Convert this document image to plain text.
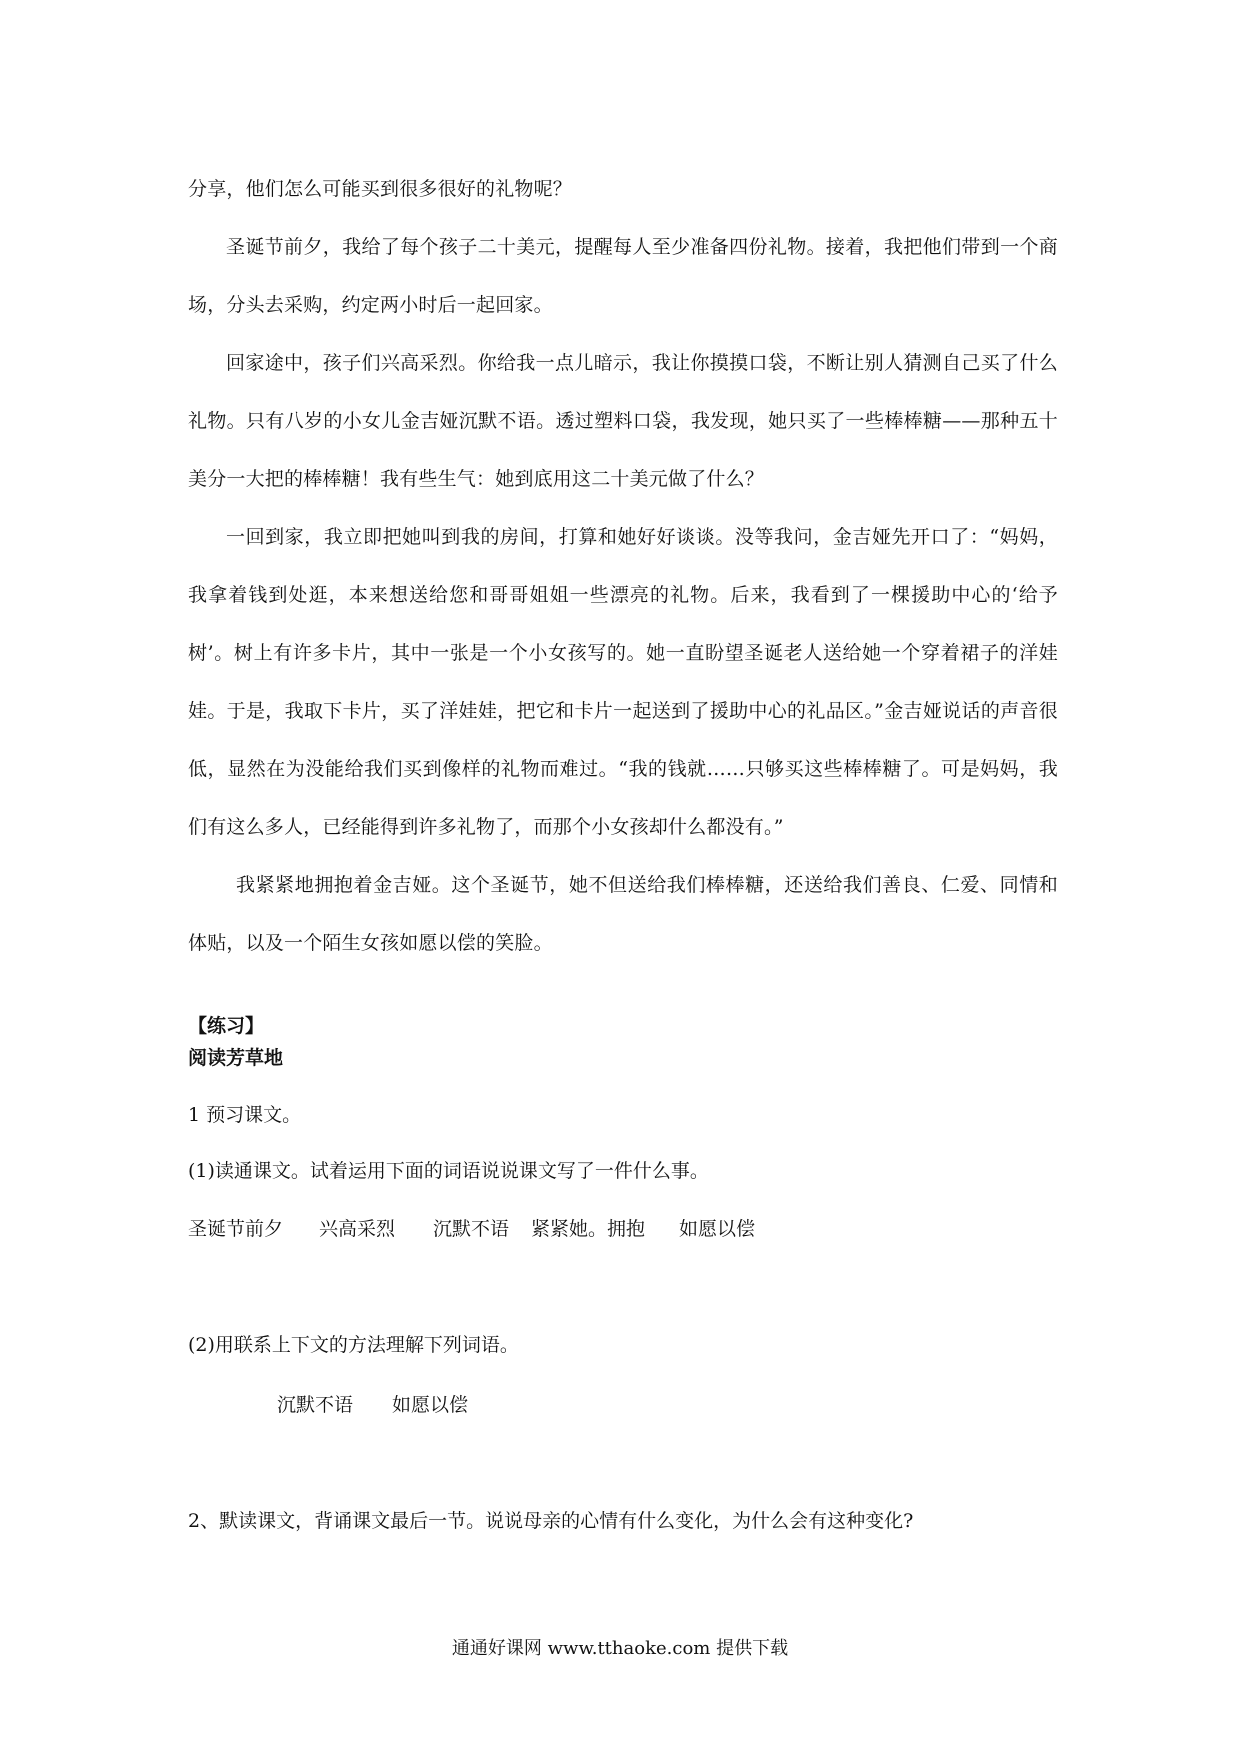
分享，他们怎么可能买到很多很好的礼物呢？

圣诞节前夕，我给了每个孩子二十美元，提醒每人至少准备四份礼物。接着，我把他们带到一个商场，分头去采购，约定两小时后一起回家。

回家途中，孩子们兴高采烈。你给我一点儿暗示，我让你摸摸口袋，不断让别人猜测自己买了什么礼物。只有八岁的小女儿金吉娅沉默不语。透过塑料口袋，我发现，她只买了一些棒棒糖——那种五十美分一大把的棒棒糖！我有些生气：她到底用这二十美元做了什么？

一回到家，我立即把她叫到我的房间，打算和她好好谈谈。没等我问，金吉娅先开口了：“妈妈，我拿着钱到处逛，本来想送给您和哥哥姐姐一些漂亮的礼物。后来，我看到了一棵援助中心的‘给予树’。树上有许多卡片，其中一张是一个小女孩写的。她一直盼望圣诞老人送给她一个穿着裙子的洋娃娃。于是，我取下卡片，买了洋娃娃，把它和卡片一起送到了援助中心的礼品区。”金吉娅说话的声音很低，显然在为没能给我们买到像样的礼物而难过。“我的钱就……只够买这些棒棒糖了。可是妈妈，我们有这么多人，已经能得到许多礼物了，而那个小女孩却什么都没有。”

我紧紧地拥抱着金吉娅。这个圣诞节，她不但送给我们棒棒糖，还送给我们善良、仁爱、同情和体贴，以及一个陌生女孩如愿以偿的笑脸。

【练习】

阅读芳草地

1 预习课文。

(1)读通课文。试着运用下面的词语说说课文写了一件什么事。

圣诞节前夕 兴高采烈 沉默不语 紧紧她。拥抱 如愿以偿

(2)用联系上下文的方法理解下列词语。

沉默不语 如愿以偿

2、默读课文，背诵课文最后一节。说说母亲的心情有什么变化，为什么会有这种变化?

通通好课网 www.tthaoke.com 提供下载
